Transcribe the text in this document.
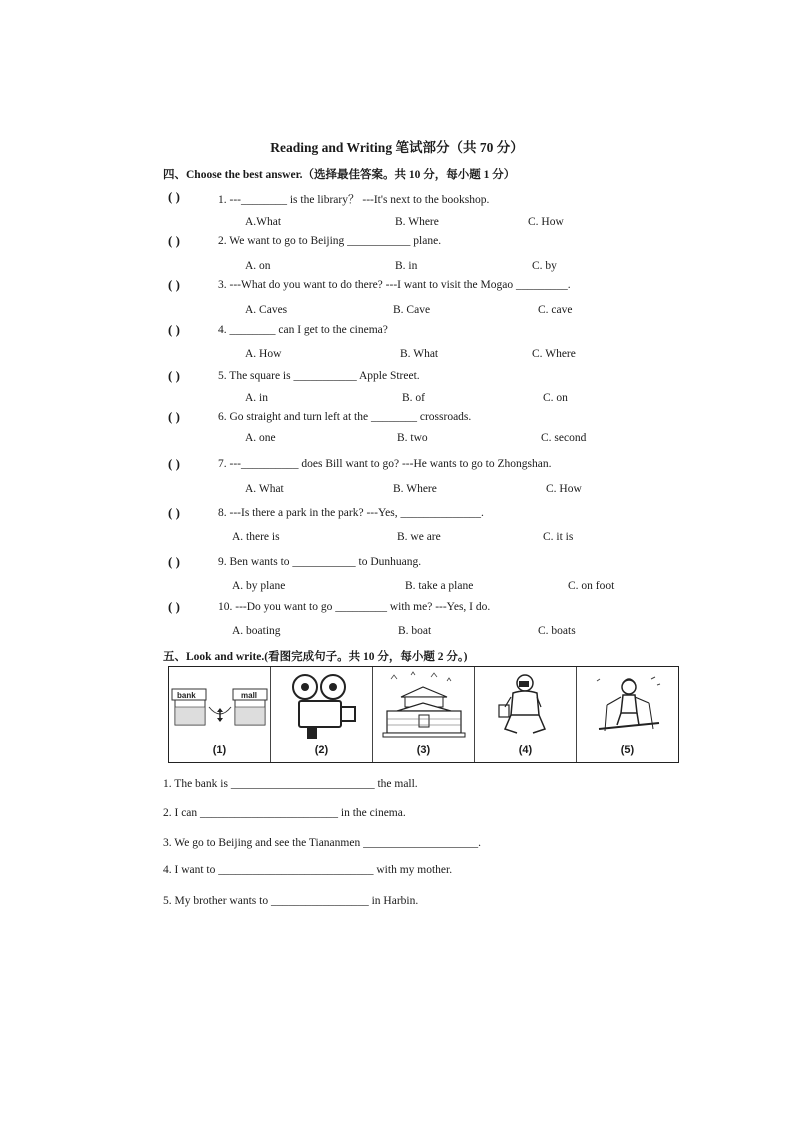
Reading and Writing 笔试部分（共 70 分）
四、Choose the best answer.（选择最佳答案。共 10 分，每小题 1 分）
( )	1. ---________ is the library？ ---It's next to the bookshop.
A.What	B. Where	C. How
( )	2. We want to go to Beijing ___________ plane.
A. on	B. in	C. by
( )	3. ---What do you want to do there? ---I want to visit the Mogao _________.
A. Caves	B. Cave	C. cave
( )	4. ________ can I get to the cinema?
A. How	B. What	C. Where
( )	5. The square is ___________ Apple Street.
A. in	B. of	C. on
( )	6. Go straight and turn left at the ________ crossroads.
A. one	B. two	C. second
( )	7. ---__________ does Bill want to go? ---He wants to go to Zhongshan.
A. What	B. Where	C. How
( )	8. ---Is there a park in the park? ---Yes, ______________.
A. there is	B. we are	C. it is
( )	9. Ben wants to ___________ to Dunhuang.
A. by plane	B. take a plane	C. on foot
( )	10. ---Do you want to go _________ with me? ---Yes, I do.
A. boating	B. boat	C. boats
五、Look and write.(看图完成句子。共 10 分，每小题 2 分。)
bank	mall
(1)	(2)	(3)	(4)	(5)
1. The bank is _________________________ the mall.
2. I can ________________________ in the cinema.
3. We go to Beijing and see the Tiananmen ____________________.
4. I want to ___________________________ with my mother.
5. My brother wants to _________________ in Harbin.
